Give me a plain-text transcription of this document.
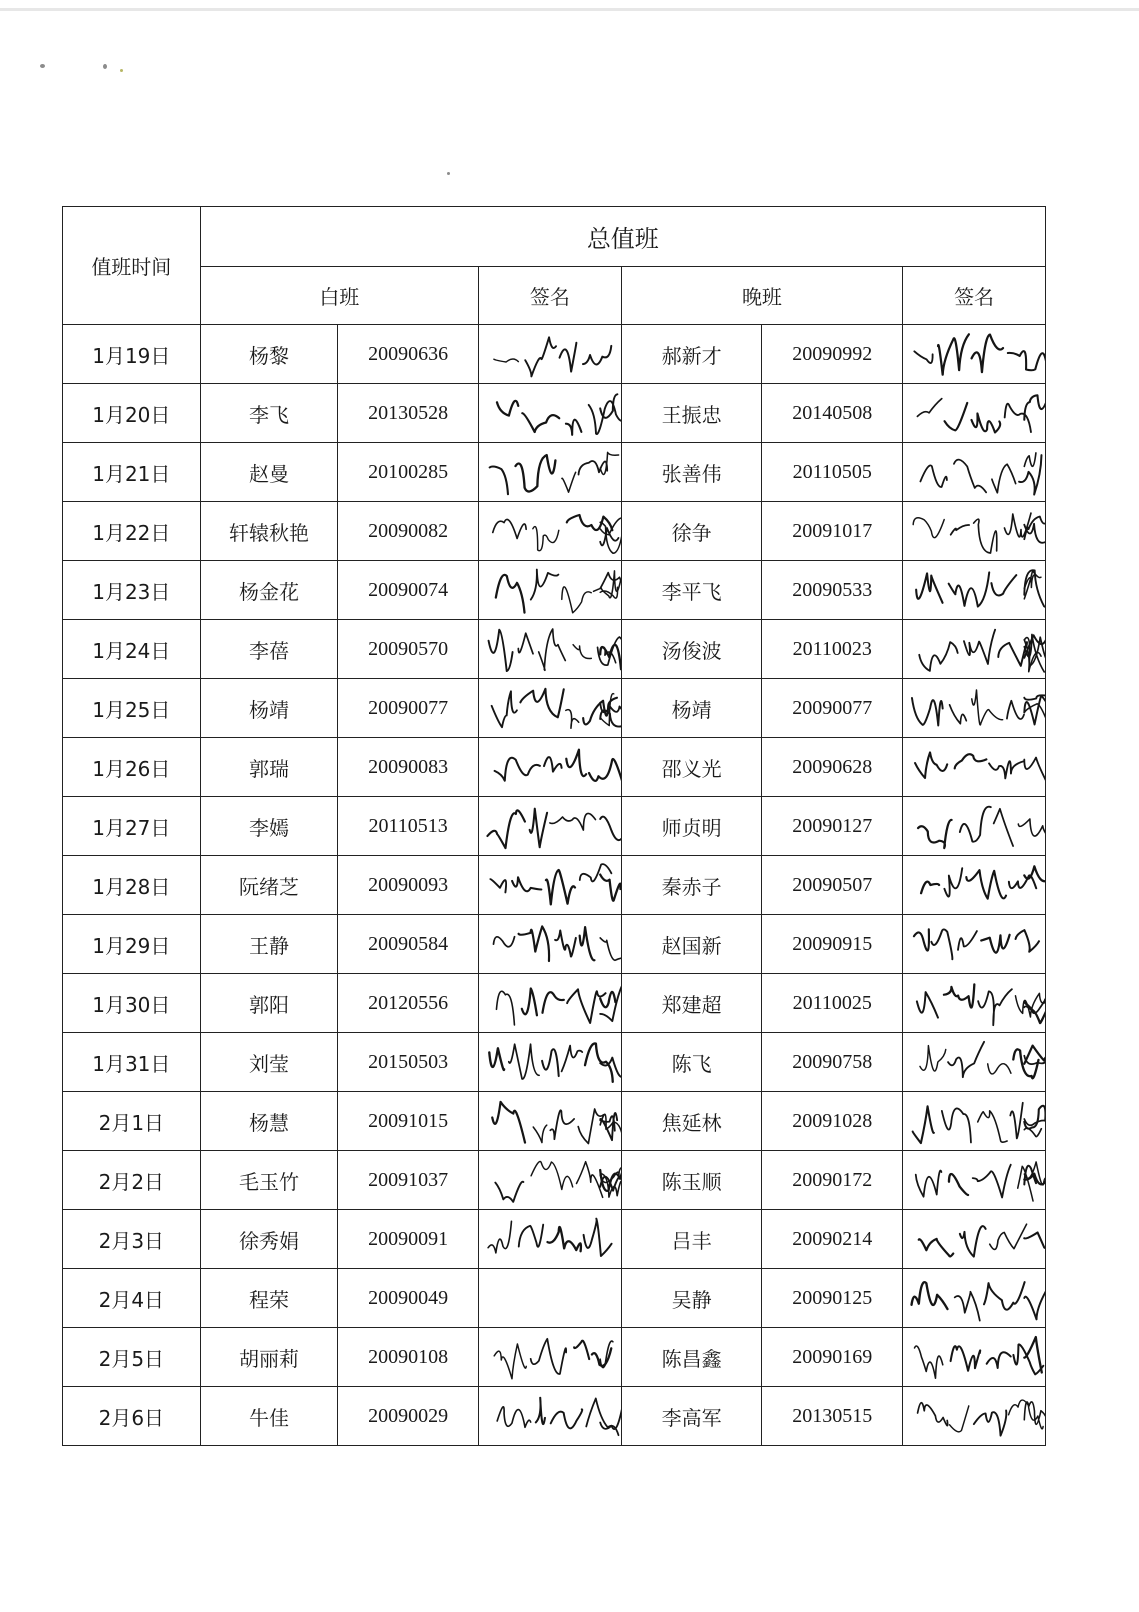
值班时间	总值班					
	白班		签名	晚班		签名
1月19日	杨黎	20090636		郝新才	20090992	

1月20日	李飞	20130528		王振忠	20140508	

1月21日	赵曼	20100285		张善伟	20110505	

1月22日	轩辕秋艳	20090082		徐争	20091017	

1月23日	杨金花	20090074		李平飞	20090533	

1月24日	李蓓	20090570		汤俊波	20110023	

1月25日	杨靖	20090077		杨靖	20090077	

1月26日	郭瑞	20090083		邵义光	20090628	

1月27日	李嫣	20110513		师贞明	20090127	

1月28日	阮绪芝	20090093		秦赤子	20090507	

1月29日	王静	20090584		赵国新	20090915	

1月30日	郭阳	20120556		郑建超	20110025	

1月31日	刘莹	20150503		陈飞	20090758	

2月1日	杨慧	20091015		焦延林	20091028	

2月2日	毛玉竹	20091037		陈玉顺	20090172	

2月3日	徐秀娟	20090091		吕丰	20090214	

2月4日	程荣	20090049		吴静	20090125	

2月5日	胡丽莉	20090108		陈昌鑫	20090169	

2月6日	牛佳	20090029		李高军	20130515	
